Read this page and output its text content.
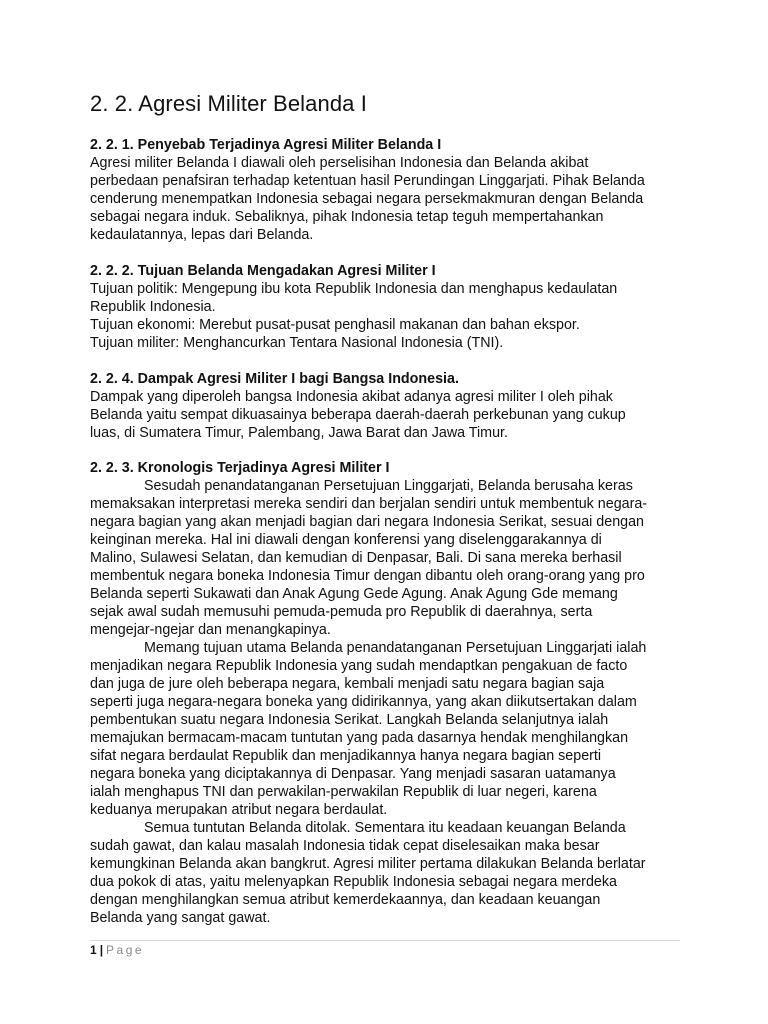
2. 2. Agresi Militer Belanda I

2. 2. 1. Penyebab Terjadinya Agresi Militer Belanda I

Agresi militer Belanda I diawali oleh perselisihan Indonesia dan Belanda akibat

perbedaan penafsiran terhadap ketentuan hasil Perundingan Linggarjati. Pihak Belanda

cenderung menempatkan Indonesia sebagai negara persekmakmuran dengan Belanda

sebagai negara induk. Sebaliknya, pihak Indonesia tetap teguh mempertahankan

kedaulatannya, lepas dari Belanda.

2. 2. 2. Tujuan Belanda Mengadakan Agresi Militer I

Tujuan politik: Mengepung ibu kota Republik Indonesia dan menghapus kedaulatan

Republik Indonesia.

Tujuan ekonomi: Merebut pusat-pusat penghasil makanan dan bahan ekspor.

Tujuan militer: Menghancurkan Tentara Nasional Indonesia (TNI).

2. 2. 4. Dampak Agresi Militer I bagi Bangsa Indonesia.

Dampak yang diperoleh bangsa Indonesia akibat adanya agresi militer I oleh pihak

Belanda yaitu sempat dikuasainya beberapa daerah-daerah perkebunan yang cukup

luas, di Sumatera Timur, Palembang, Jawa Barat dan Jawa Timur.

2. 2. 3. Kronologis Terjadinya Agresi Militer I

Sesudah penandatanganan Persetujuan Linggarjati, Belanda berusaha keras

memaksakan interpretasi mereka sendiri dan berjalan sendiri untuk membentuk negara-

negara bagian yang akan menjadi bagian dari negara Indonesia Serikat, sesuai dengan

keinginan mereka. Hal ini diawali dengan konferensi yang diselenggarakannya di

Malino, Sulawesi Selatan, dan kemudian di Denpasar, Bali. Di sana mereka berhasil

membentuk negara boneka Indonesia Timur dengan dibantu oleh orang-orang yang pro

Belanda seperti Sukawati dan Anak Agung Gede Agung. Anak Agung Gde memang

sejak awal sudah memusuhi pemuda-pemuda pro Republik di daerahnya, serta

mengejar-ngejar dan menangkapinya.

Memang tujuan utama Belanda penandatanganan Persetujuan Linggarjati ialah

menjadikan negara Republik Indonesia yang sudah mendaptkan pengakuan de facto

dan juga de jure oleh beberapa negara, kembali menjadi satu negara bagian saja

seperti juga negara-negara boneka yang didirikannya, yang akan diikutsertakan dalam

pembentukan suatu negara Indonesia Serikat. Langkah Belanda selanjutnya ialah

memajukan bermacam-macam tuntutan yang pada dasarnya hendak menghilangkan

sifat negara berdaulat Republik dan menjadikannya hanya negara bagian seperti

negara boneka yang diciptakannya di Denpasar. Yang menjadi sasaran uatamanya

ialah menghapus TNI dan perwakilan-perwakilan Republik di luar negeri, karena

keduanya merupakan atribut negara berdaulat.

Semua tuntutan Belanda ditolak. Sementara itu keadaan keuangan Belanda

sudah gawat, dan kalau masalah Indonesia tidak cepat diselesaikan maka besar

kemungkinan Belanda akan bangkrut. Agresi militer pertama dilakukan Belanda berlatar

dua pokok di atas, yaitu melenyapkan Republik Indonesia sebagai negara merdeka

dengan menghilangkan semua atribut kemerdekaannya, dan keadaan keuangan

Belanda yang sangat gawat.

1 | Page
